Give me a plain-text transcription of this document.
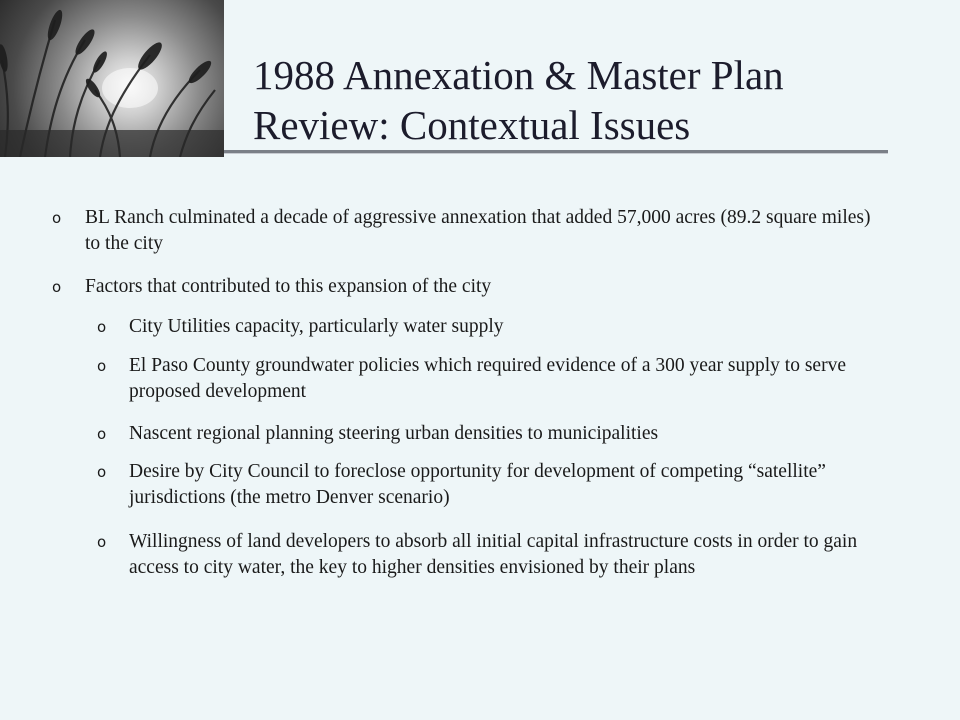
1988 Annexation & Master Plan
Review: Contextual Issues
o BL Ranch culminated a decade of aggressive annexation that added 57,000 acres (89.2 square miles) to the city
o Factors that contributed to this expansion of the city
o City Utilities capacity, particularly water supply
o El Paso County groundwater policies which required evidence of a 300 year supply to serve proposed development
o Nascent regional planning steering urban densities to municipalities
o Desire by City Council to foreclose opportunity for development of competing “satellite” jurisdictions (the metro Denver scenario)
o Willingness of land developers to absorb all initial capital infrastructure costs in order to gain access to city water, the key to higher densities envisioned by their plans
